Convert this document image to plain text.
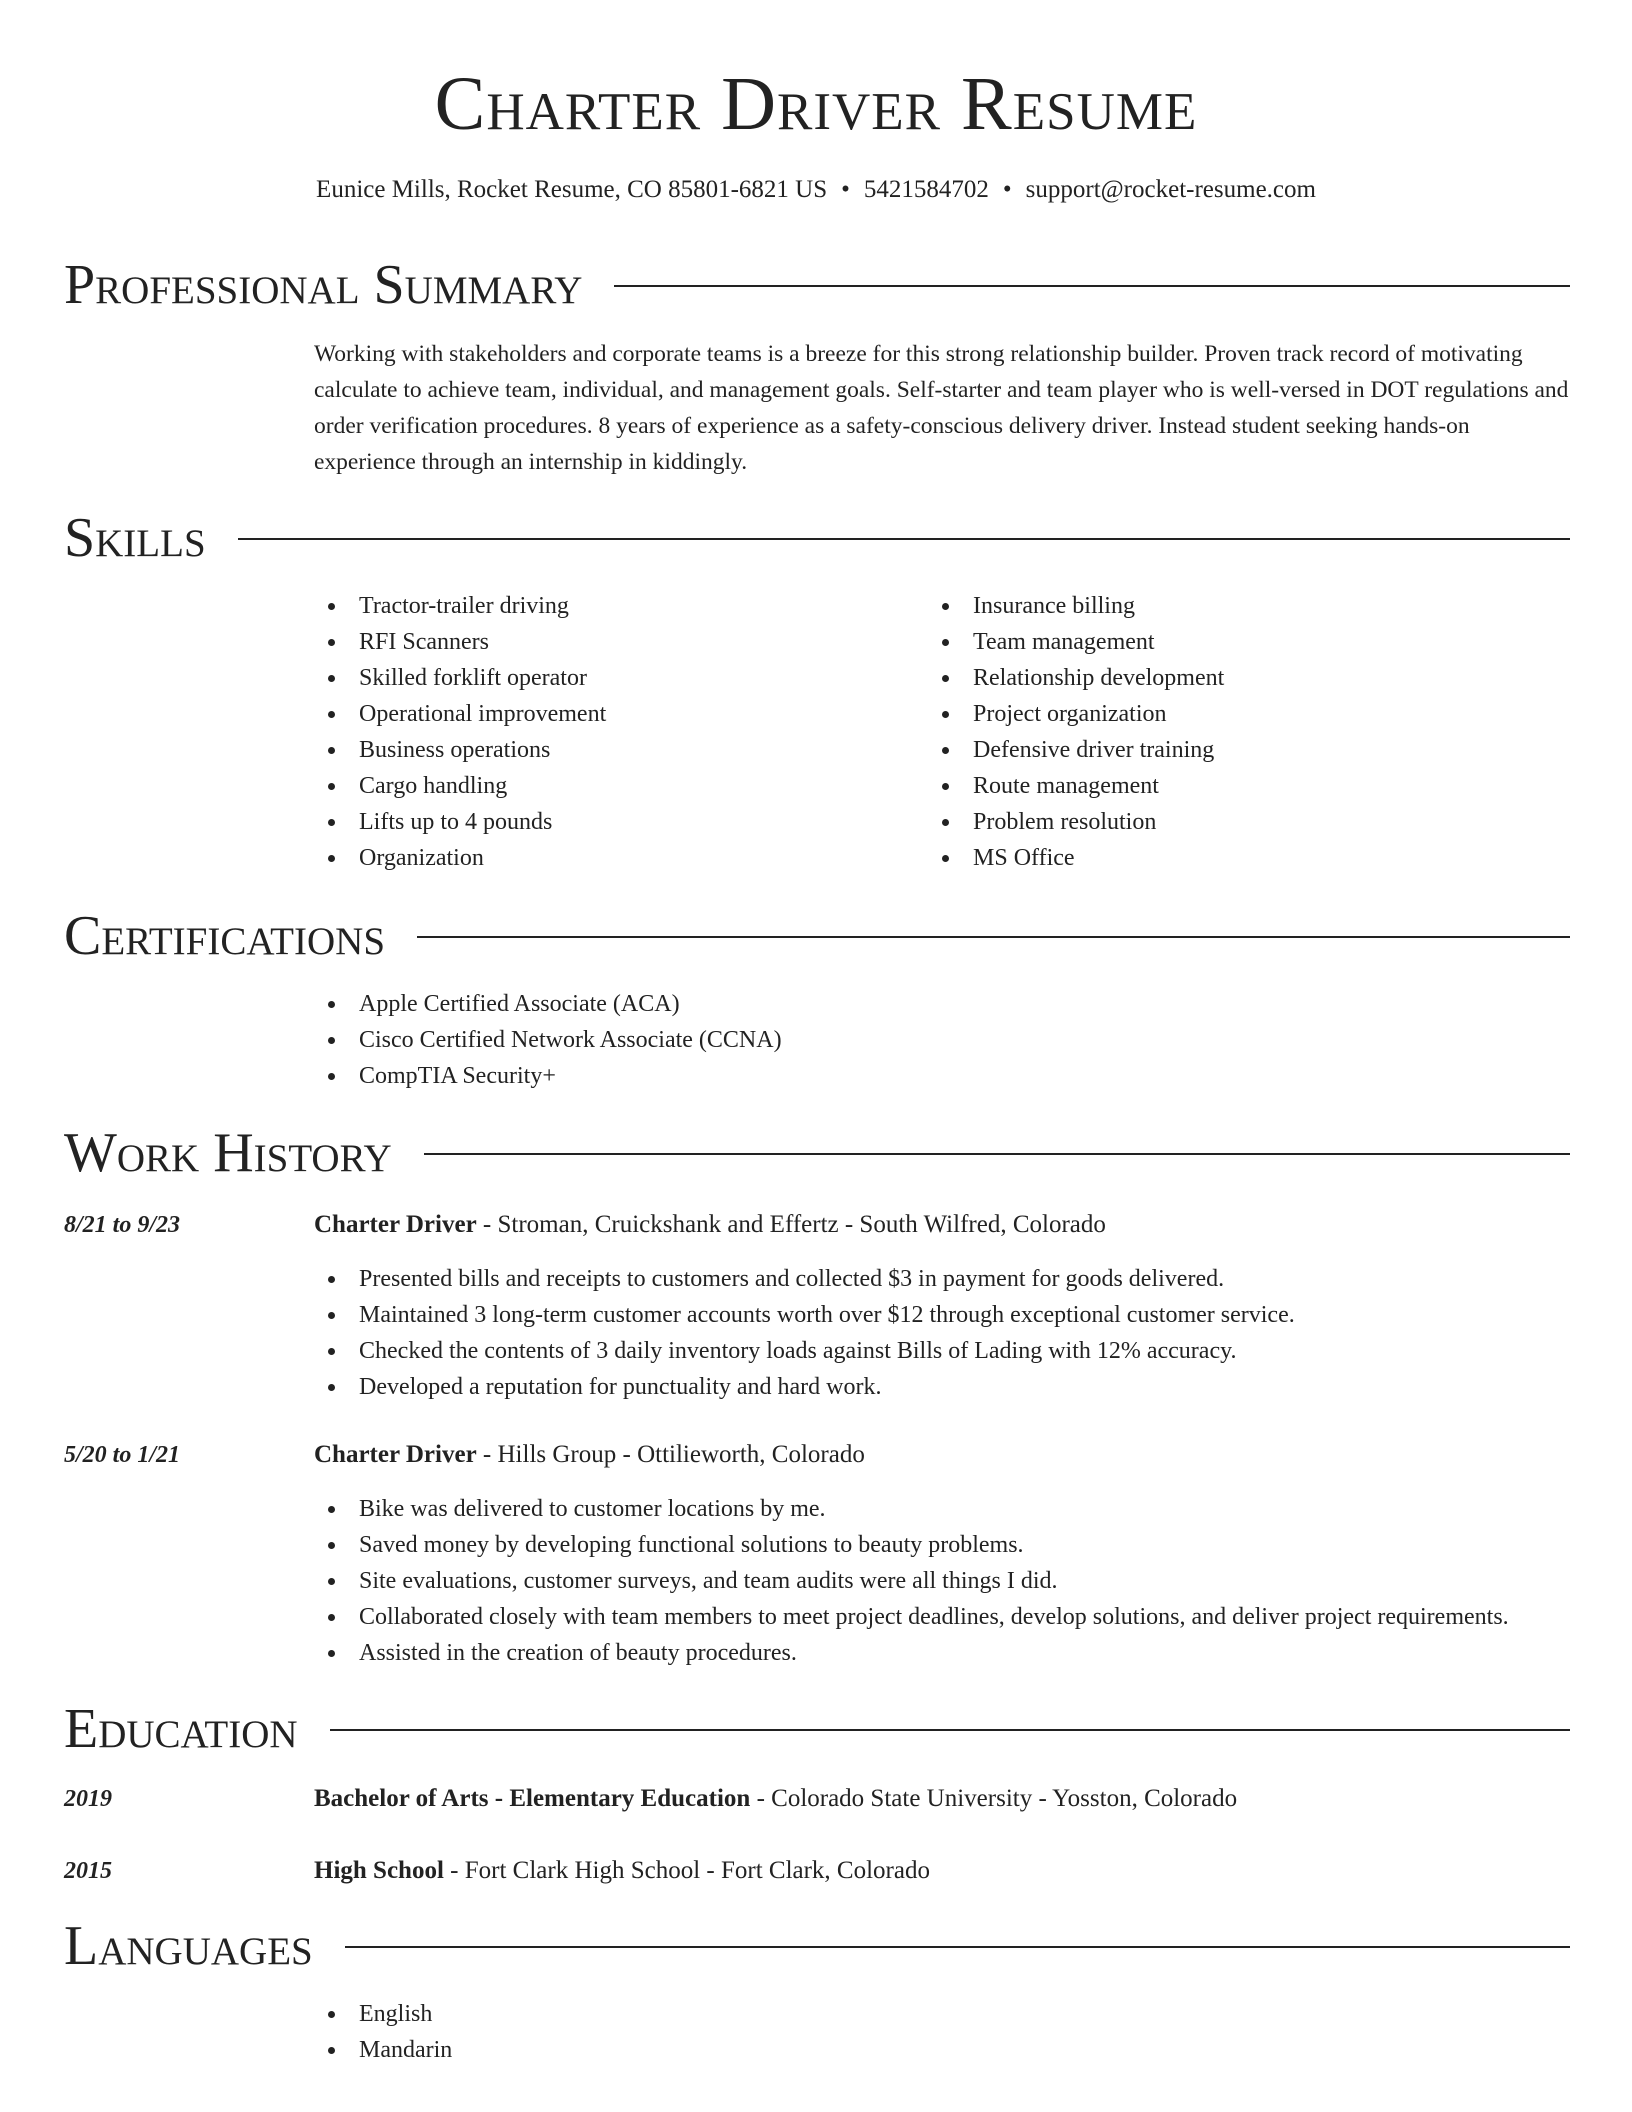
Charter Driver Resume
Eunice Mills, Rocket Resume, CO 85801-6821 US • 5421584702 • support@rocket-resume.com
Professional Summary

Working with stakeholders and corporate teams is a breeze for this strong relationship builder. Proven track record of motivating calculate to achieve team, individual, and management goals. Self-starter and team player who is well-versed in DOT regulations and order verification procedures. 8 years of experience as a safety-conscious delivery driver. Instead student seeking hands-on experience through an internship in kiddingly.

Skills
Tractor-trailer driving
RFI Scanners
Skilled forklift operator
Operational improvement
Business operations
Cargo handling
Lifts up to 4 pounds
Organization
Insurance billing
Team management
Relationship development
Project organization
Defensive driver training
Route management
Problem resolution
MS Office
Certifications
Apple Certified Associate (ACA)
Cisco Certified Network Associate (CCNA)
CompTIA Security+
Work History
8/21 to 9/23	Charter Driver - Stroman, Cruickshank and Effertz - South Wilfred, Colorado
Presented bills and receipts to customers and collected $3 in payment for goods delivered.
Maintained 3 long-term customer accounts worth over $12 through exceptional customer service.
Checked the contents of 3 daily inventory loads against Bills of Lading with 12% accuracy.
Developed a reputation for punctuality and hard work.
5/20 to 1/21	Charter Driver - Hills Group - Ottilieworth, Colorado
Bike was delivered to customer locations by me.
Saved money by developing functional solutions to beauty problems.
Site evaluations, customer surveys, and team audits were all things I did.
Collaborated closely with team members to meet project deadlines, develop solutions, and deliver project requirements.
Assisted in the creation of beauty procedures.
Education
2019	Bachelor of Arts - Elementary Education - Colorado State University - Yosston, Colorado
2015	High School - Fort Clark High School - Fort Clark, Colorado
Languages
English
Mandarin
